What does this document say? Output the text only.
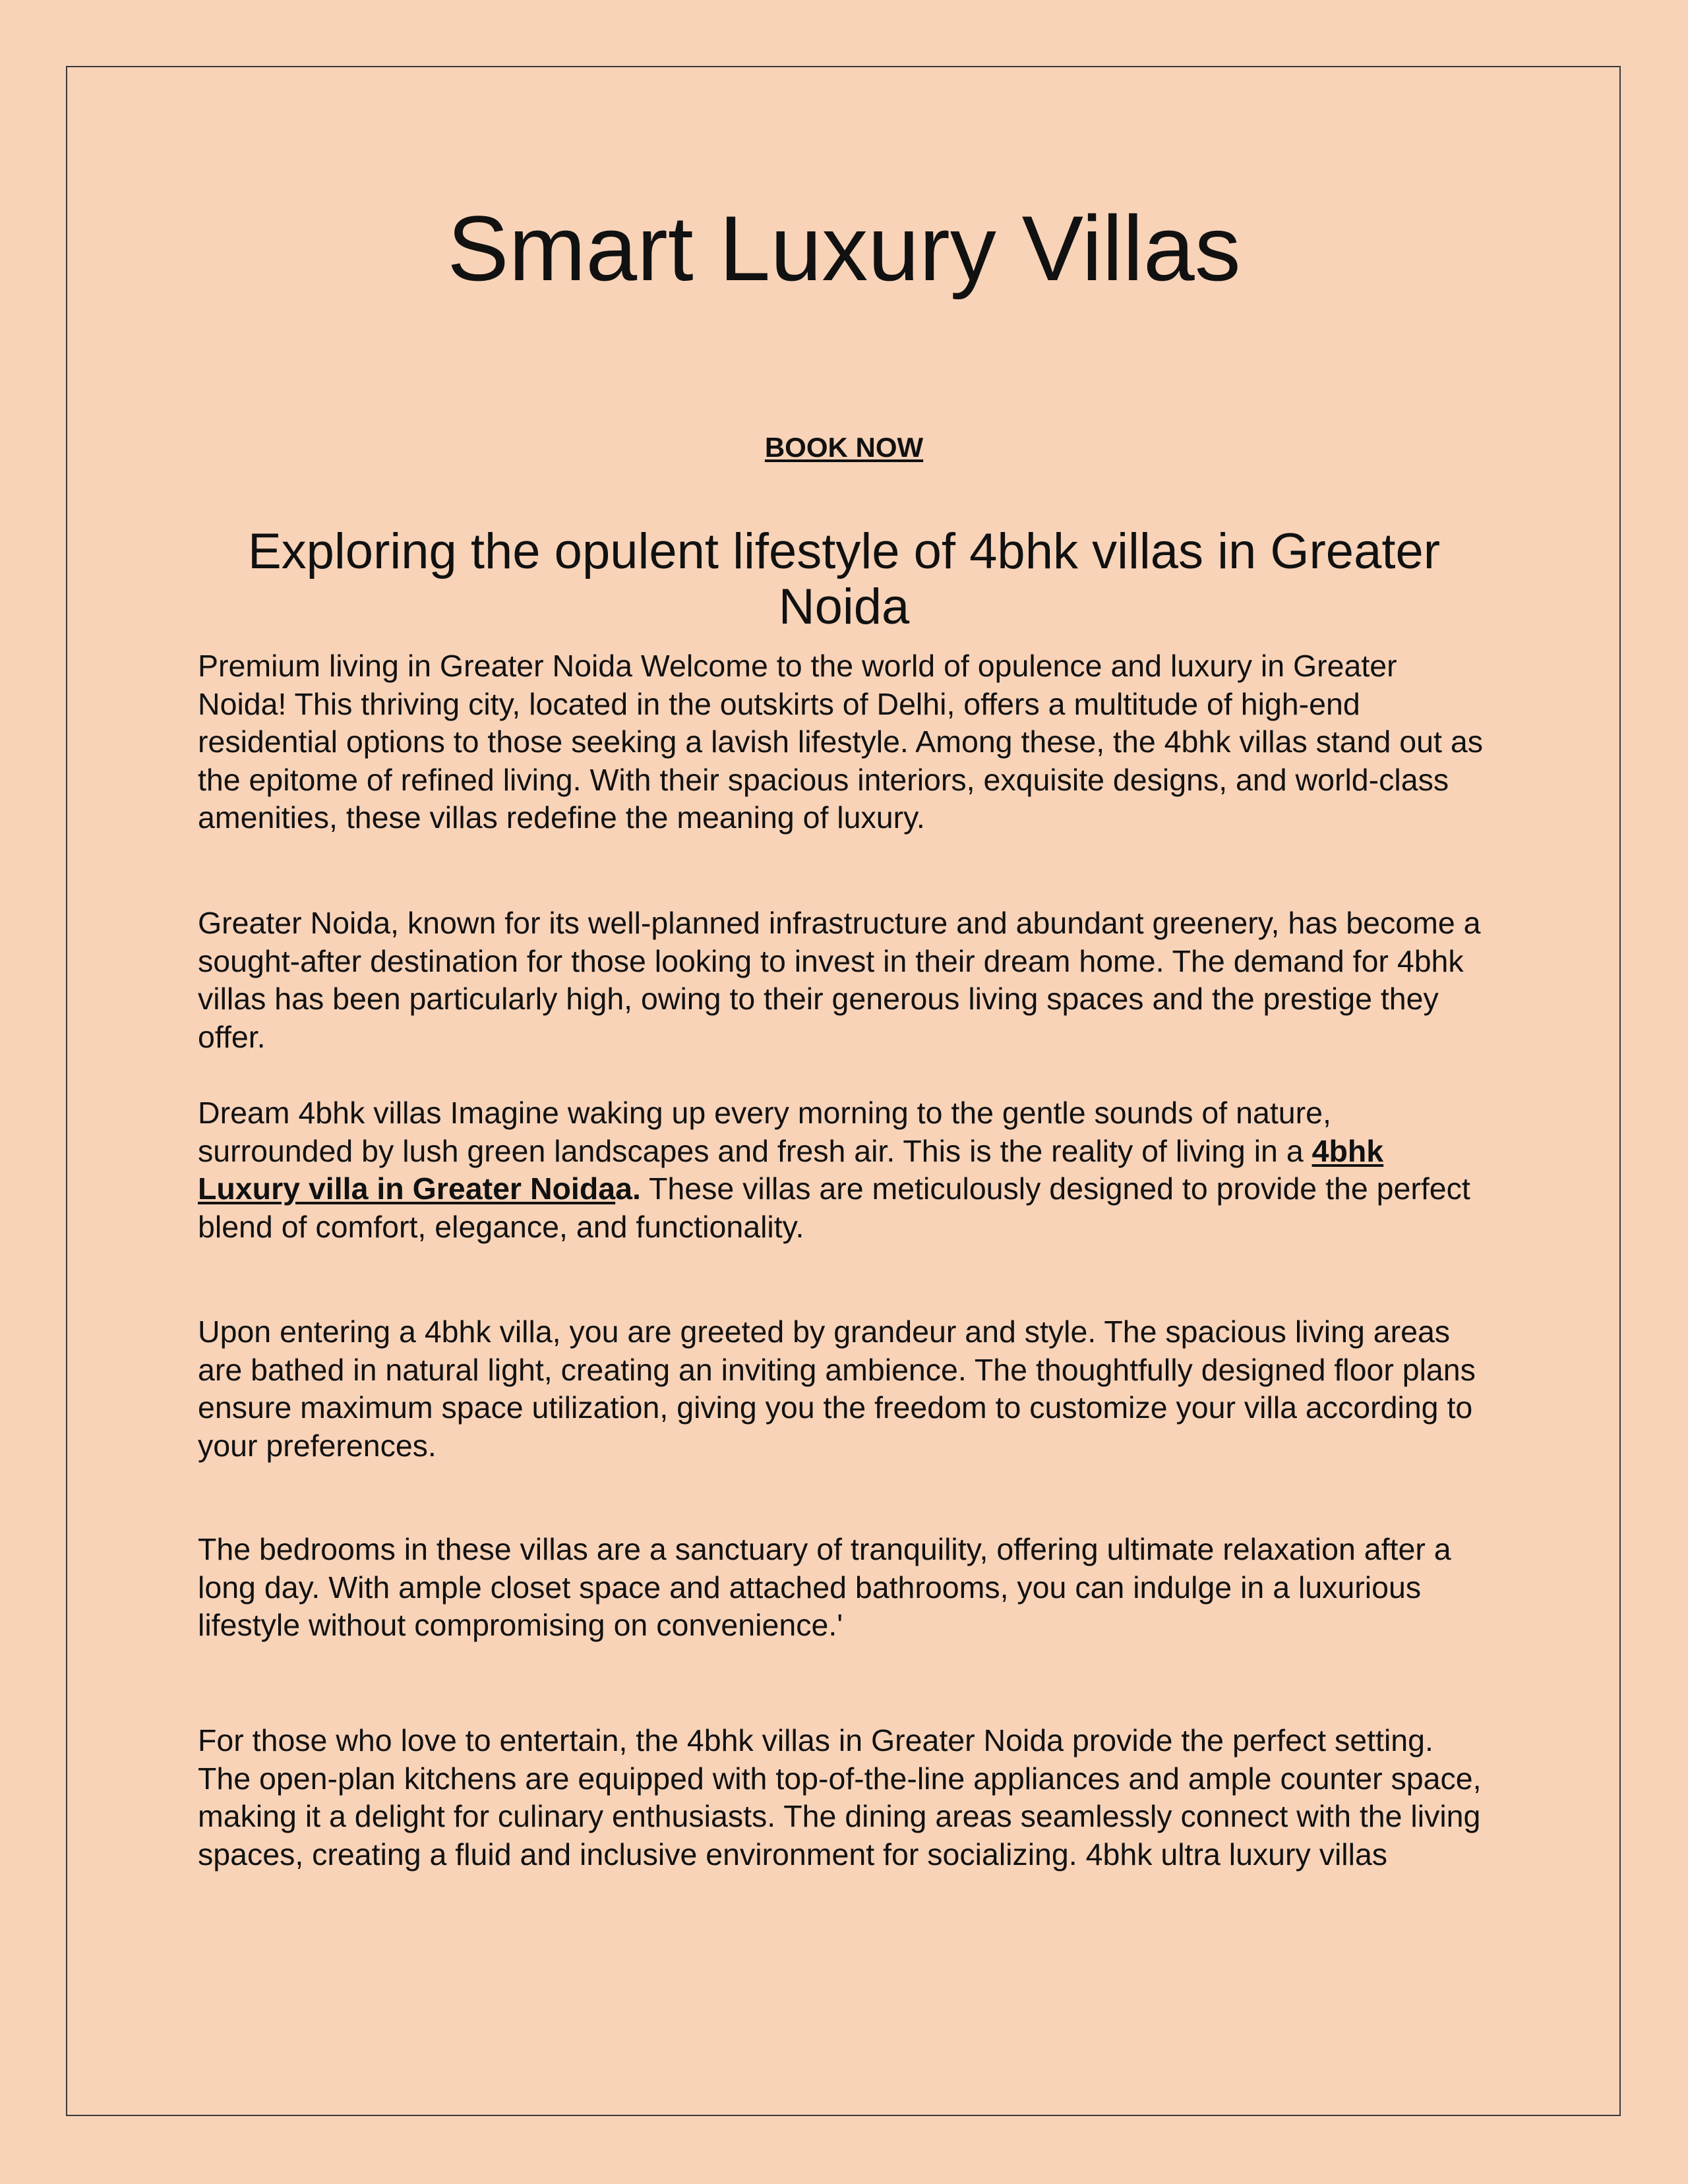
Smart Luxury Villas
BOOK NOW
Exploring the opulent lifestyle of 4bhk villas in Greater Noida

Premium living in Greater Noida Welcome to the world of opulence and luxury in Greater Noida! This thriving city, located in the outskirts of Delhi, offers a multitude of high-end residential options to those seeking a lavish lifestyle. Among these, the 4bhk villas stand out as the epitome of refined living. With their spacious interiors, exquisite designs, and world-class amenities, these villas redefine the meaning of luxury.

Greater Noida, known for its well-planned infrastructure and abundant greenery, has become a sought-after destination for those looking to invest in their dream home. The demand for 4bhk villas has been particularly high, owing to their generous living spaces and the prestige they offer.

Dream 4bhk villas Imagine waking up every morning to the gentle sounds of nature, surrounded by lush green landscapes and fresh air. This is the reality of living in a 4bhk Luxury villa in Greater Noidaa. These villas are meticulously designed to provide the perfect blend of comfort, elegance, and functionality.

Upon entering a 4bhk villa, you are greeted by grandeur and style. The spacious living areas are bathed in natural light, creating an inviting ambience. The thoughtfully designed floor plans ensure maximum space utilization, giving you the freedom to customize your villa according to your preferences.

The bedrooms in these villas are a sanctuary of tranquility, offering ultimate relaxation after a long day. With ample closet space and attached bathrooms, you can indulge in a luxurious lifestyle without compromising on convenience.'

For those who love to entertain, the 4bhk villas in Greater Noida provide the perfect setting. The open-plan kitchens are equipped with top-of-the-line appliances and ample counter space, making it a delight for culinary enthusiasts. The dining areas seamlessly connect with the living spaces, creating a fluid and inclusive environment for socializing. 4bhk ultra luxury villas
